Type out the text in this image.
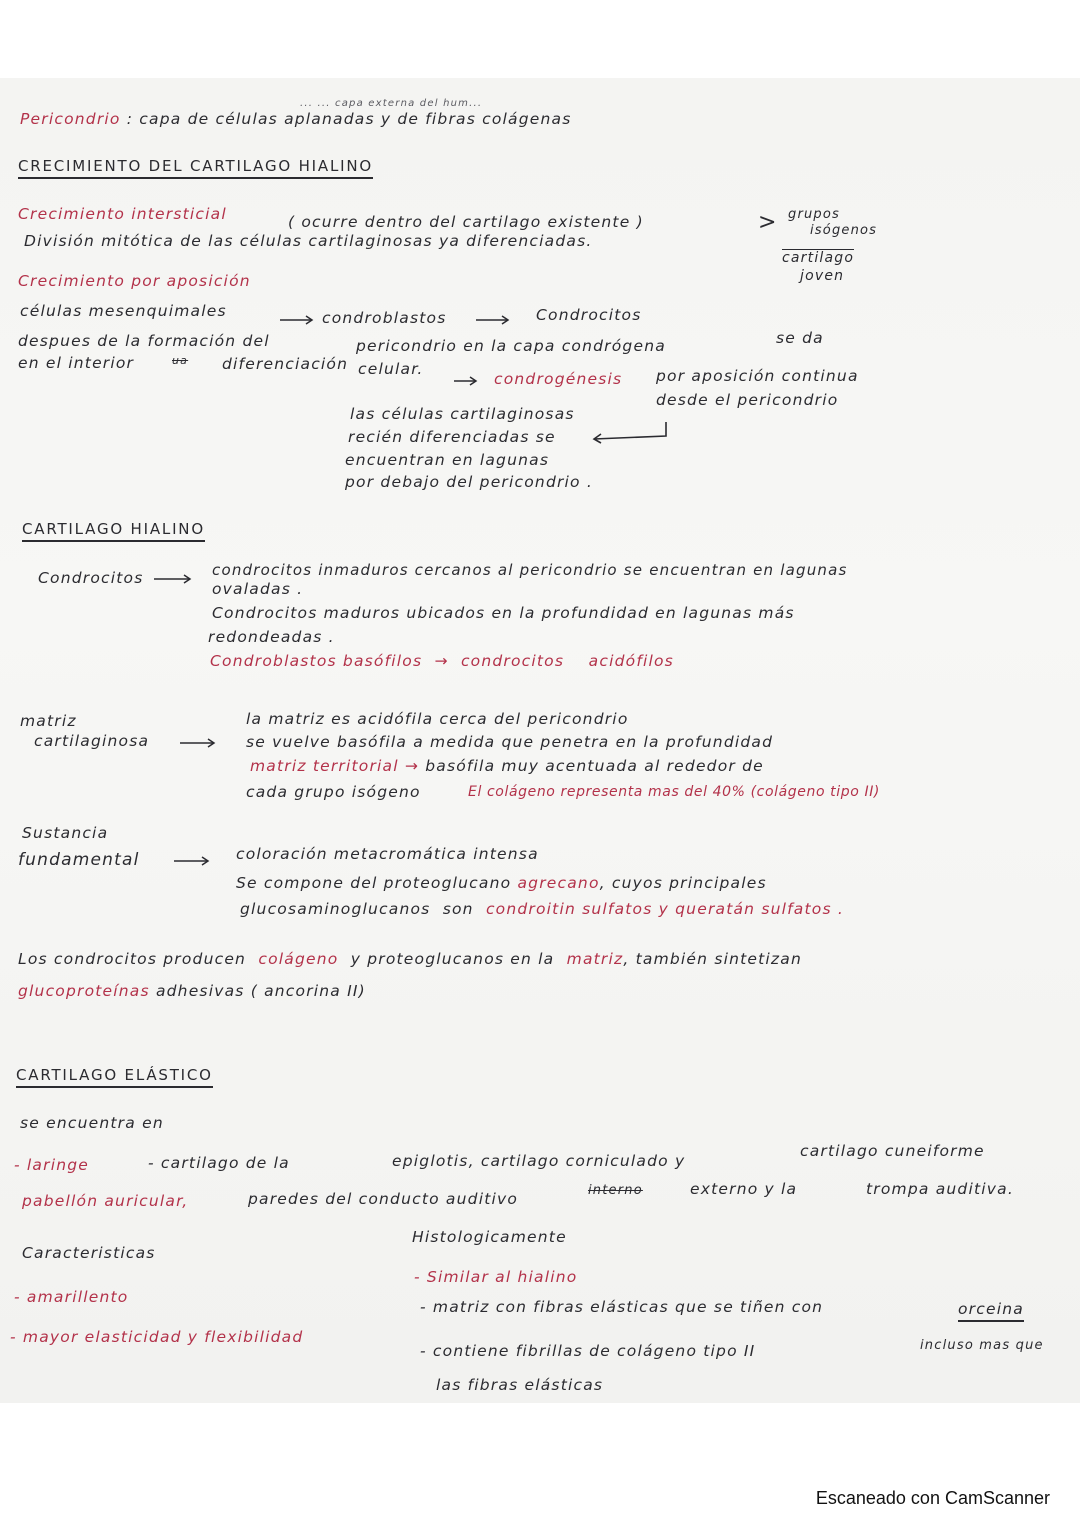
... ... capa externa del hum...
Pericondrio : capa de células aplanadas y de fibras colágenas
CRECIMIENTO DEL CARTILAGO HIALINO
Crecimiento intersticial	( ocurre dentro del cartilago existente )
División mitótica de las células cartilaginosas ya diferenciadas.
grupos
isógenos
cartilago
joven
>
Crecimiento por aposición
células mesenquimales	condroblastos	Condrocitos
despues de la formación del	pericondrio en la capa condrógena	se da
en el interior	ua diferenciación celular.
condrogénesis por aposición continua
desde el pericondrio
las células cartilaginosas
recién diferenciadas se
encuentran en lagunas
por debajo del pericondrio .
CARTILAGO HIALINO
Condrocitos	condrocitos inmaduros cercanos al pericondrio se encuentran en lagunas
ovaladas .
Condrocitos maduros ubicados en la profundidad en lagunas más
redondeadas .
Condroblastos basófilos  →  condrocitos acidófilos
matriz
cartilaginosa
la matriz es acidófila cerca del pericondrio
se vuelve basófila a medida que penetra en la profundidad
matriz territorial → basófila muy acentuada al rededor de
cada grupo isógeno	El colágeno representa mas del 40% (colágeno tipo II)
Sustancia
fundamental	coloración metacromática intensa
Se compone del proteoglucano agrecano, cuyos principales
glucosaminoglucanos son condroitin sulfatos y queratán sulfatos .
Los condrocitos producen colágeno y proteoglucanos en la matriz, también sintetizan
glucoproteínas adhesivas ( ancorina II)
CARTILAGO ELÁSTICO
se encuentra en
- laringe	- cartilago de la	epiglotis, cartilago corniculado y
cartilago cuneiforme
pabellón auricular,	paredes del conducto auditivo	interno	externo y la	trompa auditiva.
Caracteristicas
- amarillento
- mayor elasticidad y flexibilidad
Histologicamente
- Similar al hialino
- matriz con fibras elásticas que se tiñen con	orceina
- contiene fibrillas de colágeno tipo II	incluso mas que
las fibras elásticas
Escaneado con CamScanner
